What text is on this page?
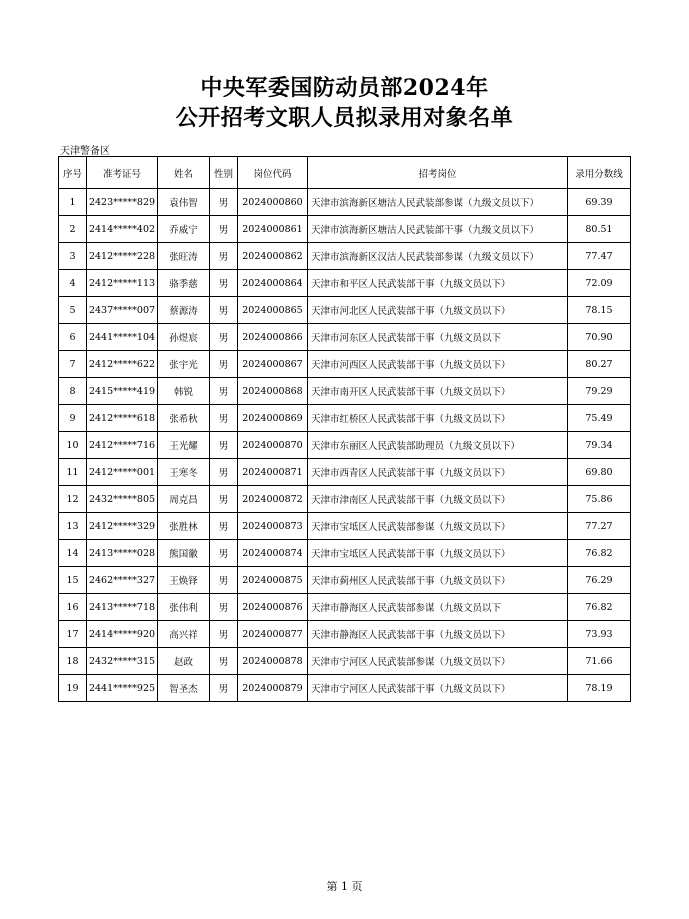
中央军委国防动员部2024年
公开招考文职人员拟录用对象名单
天津警备区
序号	准考证号	姓名	性别	岗位代码	招考岗位	录用分数线
1	2423*****829	袁伟智	男	2024000860	天津市滨海新区塘沽人民武装部参谋（九级文员以下）	69.39
2	2414*****402	乔威宁	男	2024000861	天津市滨海新区塘沽人民武装部干事（九级文员以下）	80.51
3	2412*****228	张旺涛	男	2024000862	天津市滨海新区汉沽人民武装部参谋（九级文员以下）	77.47
4	2412*****113	骆季慈	男	2024000864	天津市和平区人民武装部干事（九级文员以下）	72.09
5	2437*****007	蔡源涛	男	2024000865	天津市河北区人民武装部干事（九级文员以下）	78.15
6	2441*****104	孙煜宸	男	2024000866	天津市河东区人民武装部干事（九级文员以下	70.90
7	2412*****622	张宇光	男	2024000867	天津市河西区人民武装部干事（九级文员以下）	80.27
8	2415*****419	韩锐	男	2024000868	天津市南开区人民武装部干事（九级文员以下）	79.29
9	2412*****618	张希秋	男	2024000869	天津市红桥区人民武装部干事（九级文员以下）	75.49
10	2412*****716	王光耀	男	2024000870	天津市东丽区人民武装部助理员（九级文员以下）	79.34
11	2412*****001	王寒冬	男	2024000871	天津市西青区人民武装部干事（九级文员以下）	69.80
12	2432*****805	周克昌	男	2024000872	天津市津南区人民武装部干事（九级文员以下）	75.86
13	2412*****329	张胜林	男	2024000873	天津市宝坻区人民武装部参谋（九级文员以下）	77.27
14	2413*****028	熊国徽	男	2024000874	天津市宝坻区人民武装部干事（九级文员以下）	76.82
15	2462*****327	王焕铎	男	2024000875	天津市蓟州区人民武装部干事（九级文员以下）	76.29
16	2413*****718	张伟利	男	2024000876	天津市静海区人民武装部参谋（九级文员以下	76.82
17	2414*****920	高兴祥	男	2024000877	天津市静海区人民武装部干事（九级文员以下）	73.93
18	2432*****315	赵政	男	2024000878	天津市宁河区人民武装部参谋（九级文员以下）	71.66
19	2441*****925	智圣杰	男	2024000879	天津市宁河区人民武装部干事（九级文员以下）	78.19
第 1 页
